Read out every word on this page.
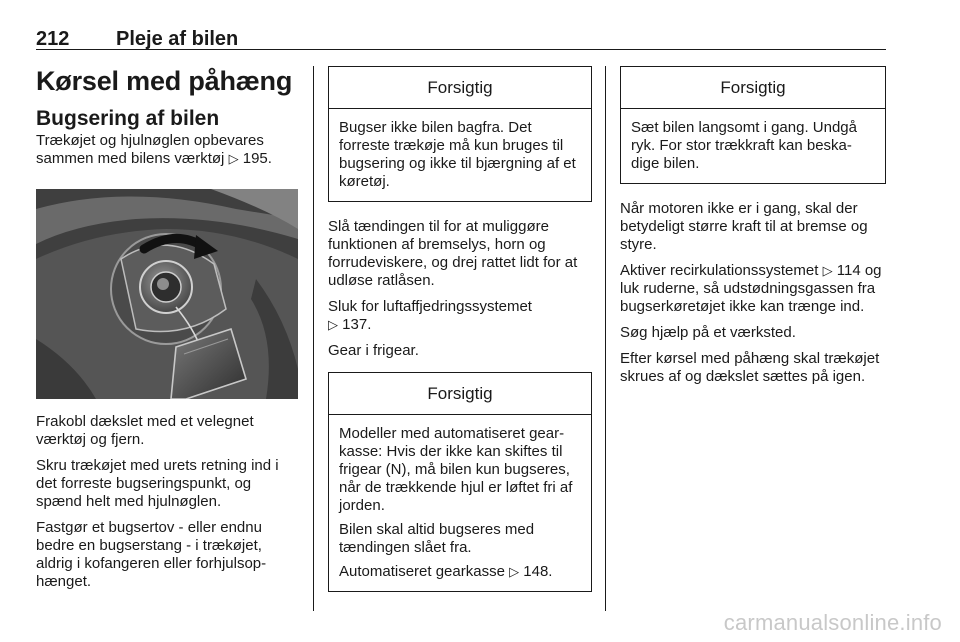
212 Pleje af bilen
Kørsel med påhæng
Bugsering af bilen

Trækøjet og hjulnøglen opbevares
sammen med bilens værktøj ▷ 195.

Frakobl dækslet med et velegnet værktøj og fjern.

Skru trækøjet med urets retning ind i det forreste bugseringspunkt, og spænd helt med hjulnøglen.

Fastgør et bugsertov - eller endnu bedre en bugserstang - i trækøjet, aldrig i kofangeren eller forhjulsophænget.

Forsigtig

Bugser ikke bilen bagfra. Det forreste trækøje må kun bruges til bugsering og ikke til bjærgning af et køretøj.

Slå tændingen til for at muliggøre funktionen af bremselys, horn og forrudeviskere, og drej rattet lidt for at udløse ratlåsen.

Sluk for luftaffjedringssystemet
▷ 137.

Gear i frigear.

Forsigtig

Modeller med automatiseret gearkasse: Hvis der ikke kan skiftes til frigear (N), må bilen kun bugseres, når de trækkende hjul er løftet fri af jorden.

Bilen skal altid bugseres med tændingen slået fra.

Automatiseret gearkasse ▷ 148.

Forsigtig

Sæt bilen langsomt i gang. Undgå ryk. For stor trækkraft kan beskadige bilen.

Når motoren ikke er i gang, skal der betydeligt større kraft til at bremse og styre.

Aktiver recirkulationssystemet ▷ 114 og luk ruderne, så udstødningsgassen fra bugserkøretøjet ikke kan trænge ind.

Søg hjælp på et værksted.

Efter kørsel med påhæng skal trækøjet skrues af og dækslet sættes på igen.

carmanualsonline.info
